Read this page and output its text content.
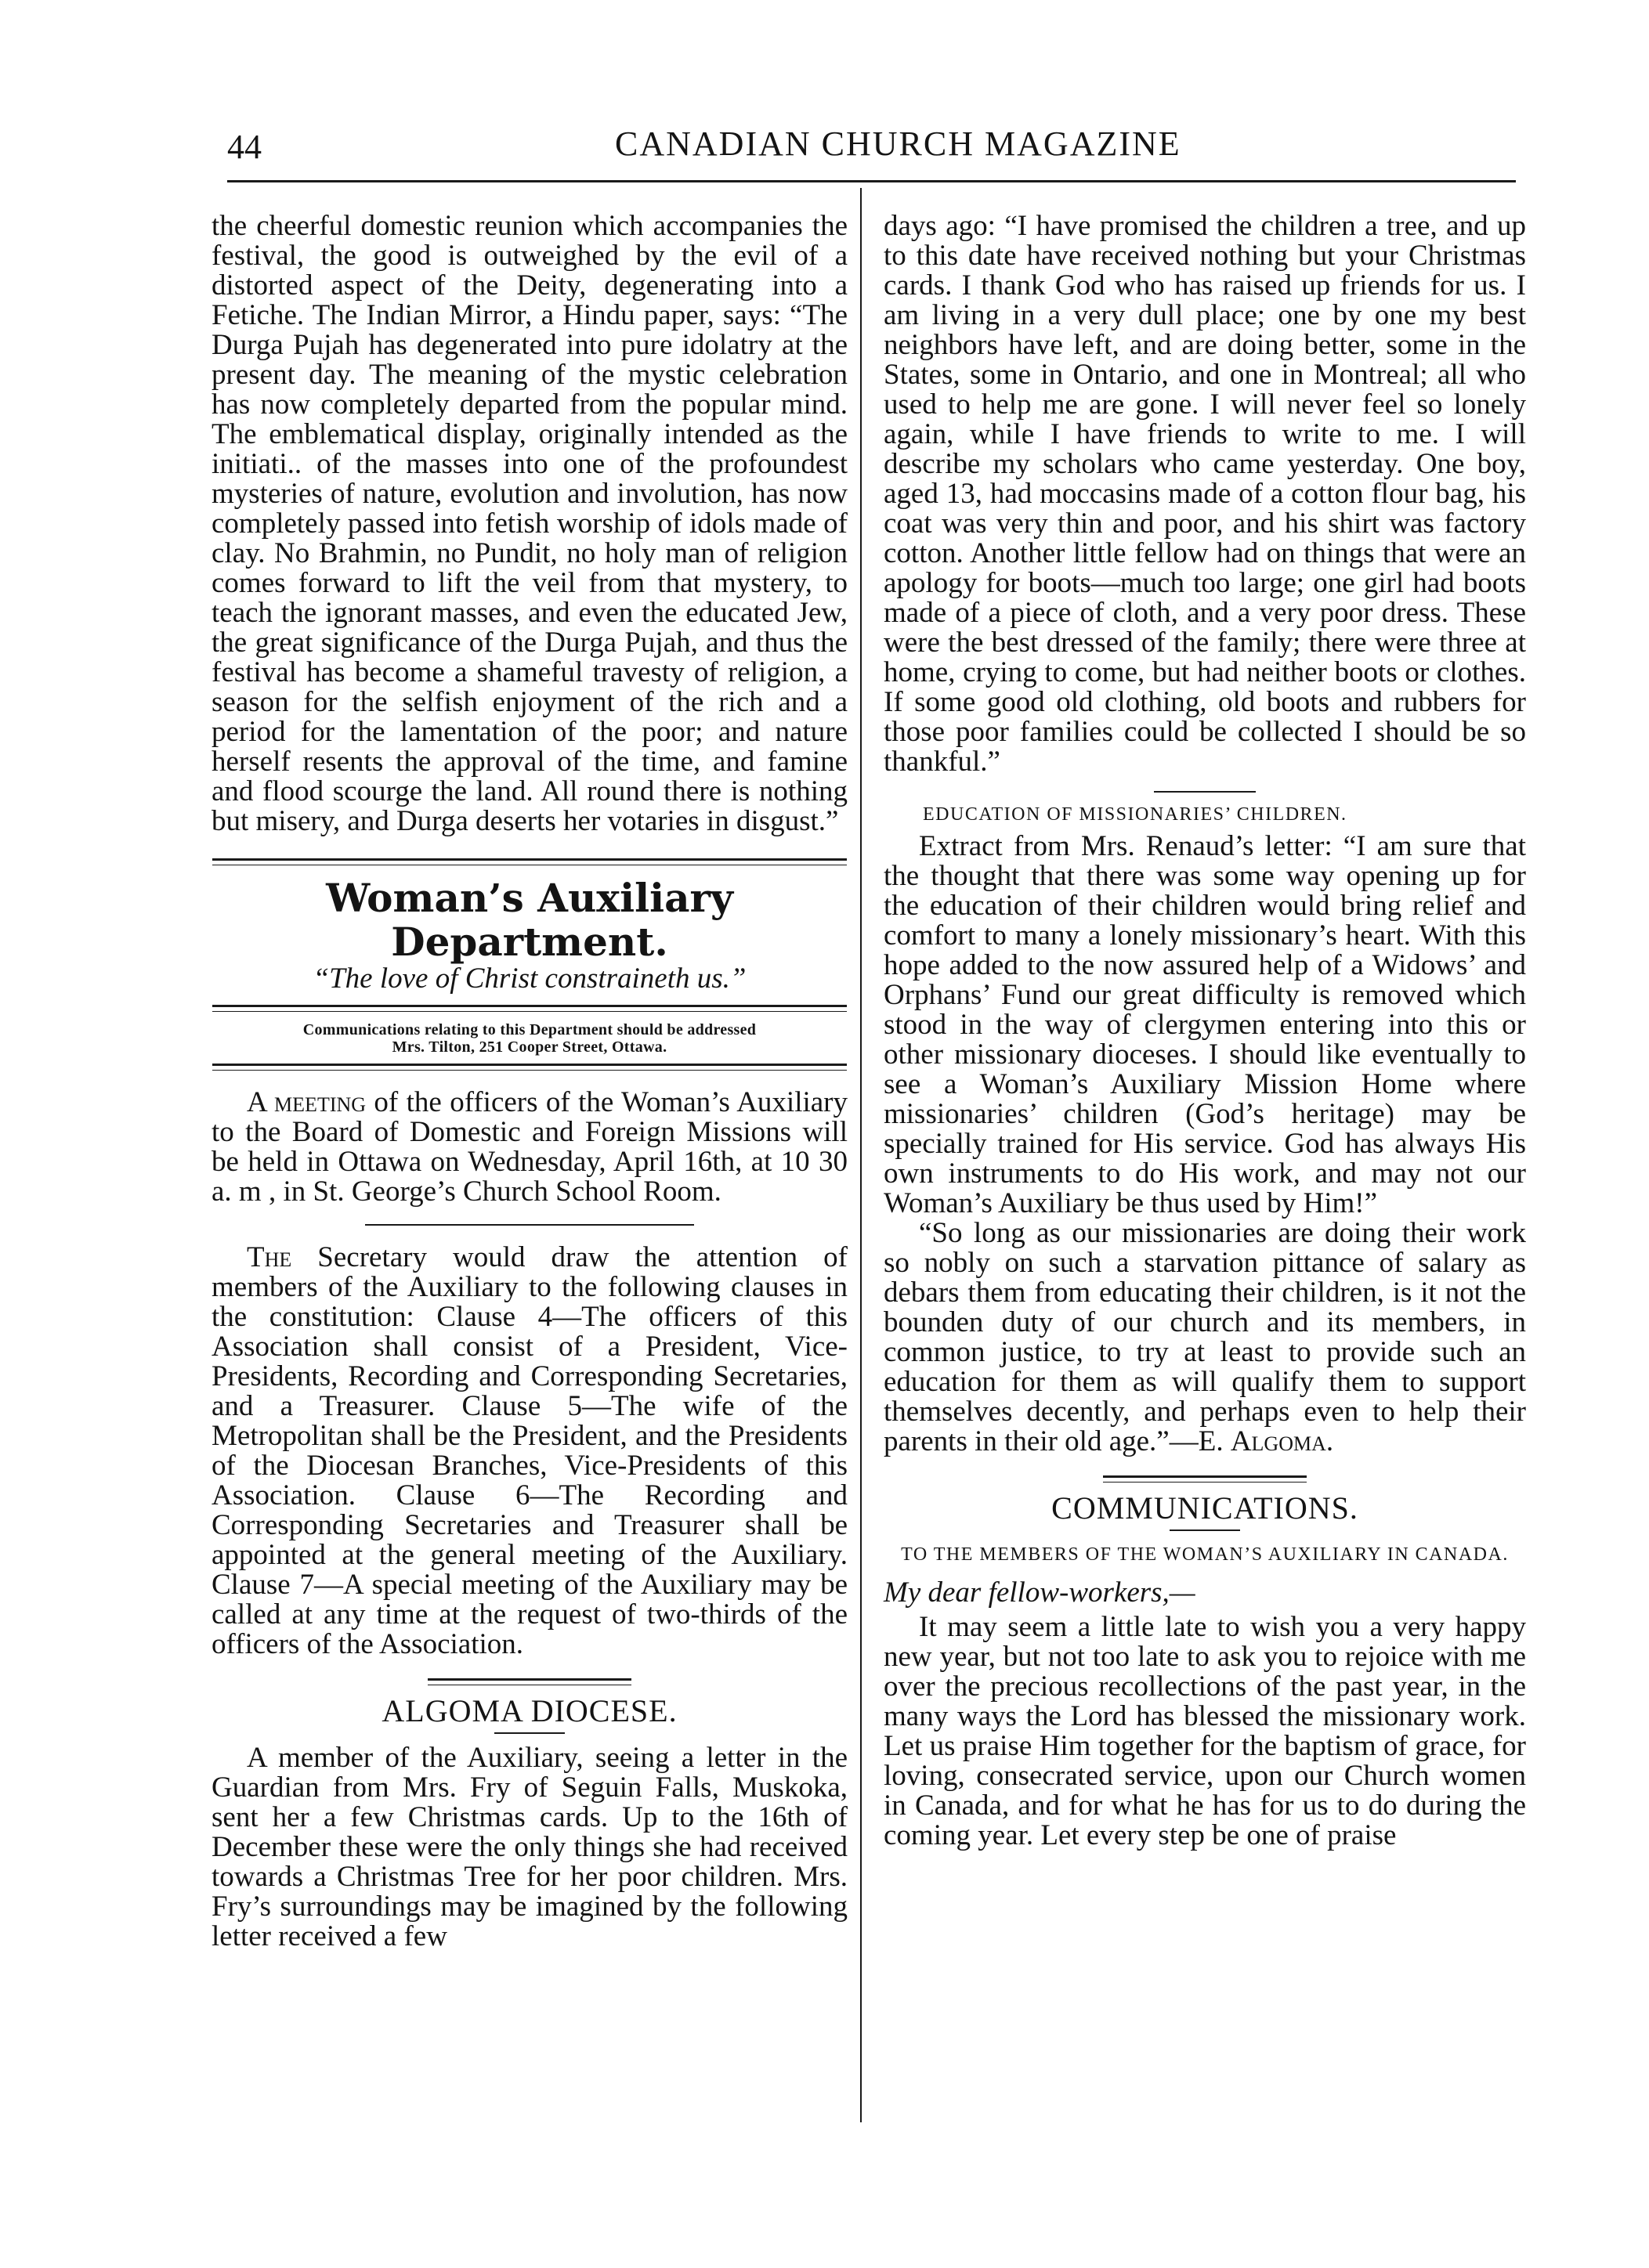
44	CANADIAN CHURCH MAGAZINE

the cheerful domestic reunion which accompanies the festival, the good is outweighed by the evil of a distorted aspect of the Deity, degenerating into a Fetiche. The Indian Mirror, a Hindu paper, says: “The Durga Pujah has degenerated into pure idolatry at the present day. The meaning of the mystic celebration has now completely departed from the popular mind. The emblematical display, originally intended as the initiati.. of the masses into one of the profoundest mysteries of nature, evolution and involution, has now completely passed into fetish worship of idols made of clay. No Brahmin, no Pundit, no holy man of religion comes forward to lift the veil from that mystery, to teach the ignorant masses, and even the educated Jew, the great significance of the Durga Pujah, and thus the festival has become a shameful travesty of religion, a season for the selfish enjoyment of the rich and a period for the lamentation of the poor; and nature herself resents the approval of the time, and famine and flood scourge the land. All round there is nothing but misery, and Durga deserts her votaries in disgust.”

Woman’s Auxiliary Department.

“The love of Christ constraineth us.”

Communications relating to this Department should be addressed

Mrs. Tilton, 251 Cooper Street, Ottawa.

A meeting of the officers of the Woman’s Auxiliary to the Board of Domestic and Foreign Missions will be held in Ottawa on Wednesday, April 16th, at 10 30 a. m , in St. George’s Church School Room.

The Secretary would draw the attention of members of the Auxiliary to the following clauses in the constitution: Clause 4—The officers of this Association shall consist of a President, Vice-Presidents, Recording and Corresponding Secretaries, and a Treasurer. Clause 5—The wife of the Metropolitan shall be the President, and the Presidents of the Diocesan Branches, Vice-Presidents of this Association. Clause 6—The Recording and Corresponding Secretaries and Treasurer shall be appointed at the general meeting of the Auxiliary. Clause 7—A special meeting of the Auxiliary may be called at any time at the request of two-thirds of the officers of the Association.

ALGOMA DIOCESE.

A member of the Auxiliary, seeing a letter in the Guardian from Mrs. Fry of Seguin Falls, Muskoka, sent her a few Christmas cards. Up to the 16th of December these were the only things she had received towards a Christmas Tree for her poor children. Mrs. Fry’s surroundings may be imagined by the following letter received a few

days ago: “I have promised the children a tree, and up to this date have received nothing but your Christmas cards. I thank God who has raised up friends for us. I am living in a very dull place; one by one my best neighbors have left, and are doing better, some in the States, some in Ontario, and one in Montreal; all who used to help me are gone. I will never feel so lonely again, while I have friends to write to me. I will describe my scholars who came yesterday. One boy, aged 13, had moccasins made of a cotton flour bag, his coat was very thin and poor, and his shirt was factory cotton. Another little fellow had on things that were an apology for boots—much too large; one girl had boots made of a piece of cloth, and a very poor dress. These were the best dressed of the family; there were three at home, crying to come, but had neither boots or clothes. If some good old clothing, old boots and rubbers for those poor families could be collected I should be so thankful.”

EDUCATION OF MISSIONARIES’ CHILDREN.

Extract from Mrs. Renaud’s letter: “I am sure that the thought that there was some way opening up for the education of their children would bring relief and comfort to many a lonely missionary’s heart. With this hope added to the now assured help of a Widows’ and Orphans’ Fund our great difficulty is removed which stood in the way of clergymen entering into this or other missionary dioceses. I should like eventually to see a Woman’s Auxiliary Mission Home where missionaries’ children (God’s heritage) may be specially trained for His service. God has always His own instruments to do His work, and may not our Woman’s Auxiliary be thus used by Him!”

“So long as our missionaries are doing their work so nobly on such a starvation pittance of salary as debars them from educating their children, is it not the bounden duty of our church and its members, in common justice, to try at least to provide such an education for them as will qualify them to support themselves decently, and perhaps even to help their parents in their old age.”—E. Algoma.

COMMUNICATIONS.

TO THE MEMBERS OF THE WOMAN’S AUXILIARY IN CANADA.

My dear fellow-workers,—

It may seem a little late to wish you a very happy new year, but not too late to ask you to rejoice with me over the precious recollections of the past year, in the many ways the Lord has blessed the missionary work. Let us praise Him together for the baptism of grace, for loving, consecrated service, upon our Church women in Canada, and for what he has for us to do during the coming year. Let every step be one of praise
